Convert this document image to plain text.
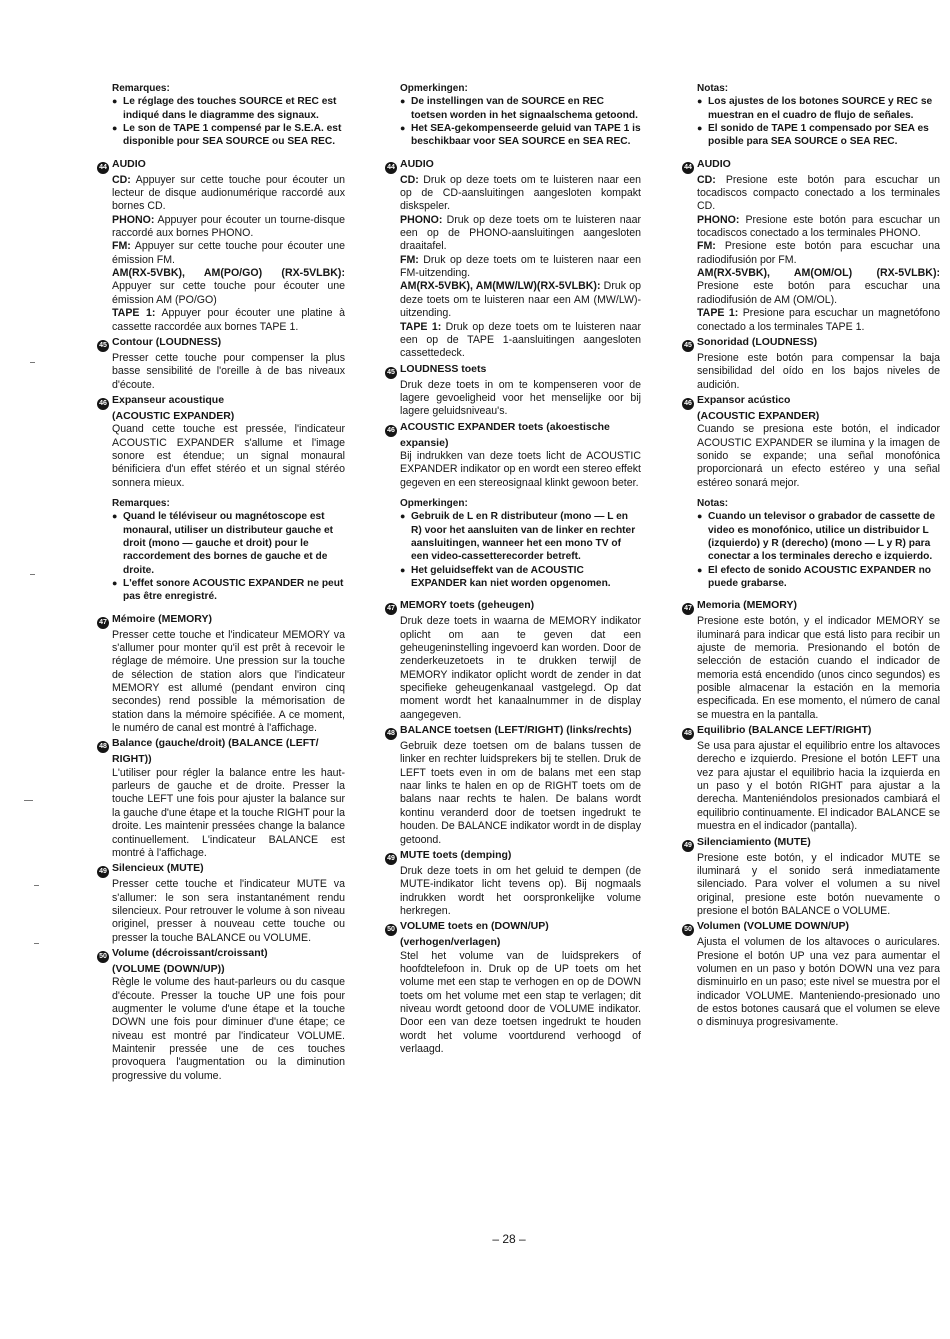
Remarques:
● Le réglage des touches SOURCE et REC est indiqué dans le diagramme des signaux.
● Le son de TAPE 1 compensé par le S.E.A. est disponible pour SEA SOURCE ou SEA REC.
44 AUDIO
CD: Appuyer sur cette touche pour écouter un lecteur de disque audionumérique raccordé aux bornes CD.
PHONO: Appuyer pour écouter un tourne-disque raccordé aux bornes PHONO.
FM: Appuyer sur cette touche pour écouter une émission FM.
AM(RX-5VBK), AM(PO/GO) (RX-5VLBK): Appuyer sur cette touche pour écouter une émission AM (PO/GO)
TAPE 1: Appuyer pour écouter une platine à cassette raccordée aux bornes TAPE 1.
45 Contour (LOUDNESS)
Presser cette touche pour compenser la plus basse sensibilité de l'oreille à de bas niveaux d'écoute.
46 Expanseur acoustique
(ACOUSTIC EXPANDER)
Quand cette touche est pressée, l'indicateur ACOUSTIC EXPANDER s'allume et l'image sonore est étendue; un signal monaural bénificiera d'un effet stéréo et un signal stéréo sonnera mieux.
Remarques:
● Quand le téléviseur ou magnétoscope est monaural, utiliser un distributeur gauche et droit (mono — gauche et droit) pour le raccordement des bornes de gauche et de droite.
● L'effet sonore ACOUSTIC EXPANDER ne peut pas être enregistré.
47 Mémoire (MEMORY)
Presser cette touche et l'indicateur MEMORY va s'allumer pour monter qu'il est prêt à recevoir le réglage de mémoire. Une pression sur la touche de sélection de station alors que l'indicateur MEMORY est allumé (pendant environ cinq secondes) rend possible la mémorisation de station dans la mémoire spécifiée. A ce moment, le numéro de canal est montré à l'affichage.
48 Balance (gauche/droit) (BALANCE (LEFT/ RIGHT))
L'utiliser pour régler la balance entre les haut-parleurs de gauche et de droite. Presser la touche LEFT une fois pour ajuster la balance sur la gauche d'une étape et la touche RIGHT pour la droite. Les maintenir pressées change la balance continuellement. L'indicateur BALANCE est montré à l'affichage.
49 Silencieux (MUTE)
Presser cette touche et l'indicateur MUTE va s'allumer: le son sera instantanément rendu silencieux. Pour retrouver le volume à son niveau originel, presser à nouveau cette touche ou presser la touche BALANCE ou VOLUME.
50 Volume (décroissant/croissant)
(VOLUME (DOWN/UP))
Règle le volume des haut-parleurs ou du casque d'écoute. Presser la touche UP une fois pour augmenter le volume d'une étape et la touche DOWN une fois pour diminuer d'une étape; ce niveau est montré par l'indicateur VOLUME. Maintenir pressée une de ces touches provoquera l'augmentation ou la diminution progressive du volume.
Opmerkingen:
● De instellingen van de SOURCE en REC toetsen worden in het signaalschema getoond.
● Het SEA-gekompenseerde geluid van TAPE 1 is beschikbaar voor SEA SOURCE en SEA REC.
44 AUDIO
CD: Druk op deze toets om te luisteren naar een op de CD-aansluitingen aangesloten kompakt diskspeler.
PHONO: Druk op deze toets om te luisteren naar een op de PHONO-aansluitingen aangesloten draaitafel.
FM: Druk op deze toets om te luisteren naar een FM-uitzending.
AM(RX-5VBK), AM(MW/LW)(RX-5VLBK): Druk op deze toets om te luisteren naar een AM (MW/LW)-uitzending.
TAPE 1: Druk op deze toets om te luisteren naar een op de TAPE 1-aansluitingen aangesloten cassettedeck.
45 LOUDNESS toets
Druk deze toets in om te kompenseren voor de lagere gevoeligheid voor het menselijke oor bij lagere geluidsniveau's.
46 ACOUSTIC EXPANDER toets (akoestische expansie)
Bij indrukken van deze toets licht de ACOUSTIC EXPANDER indikator op en wordt een stereo effekt gegeven en een stereosignaal klinkt gewoon beter.
Opmerkingen:
● Gebruik de L en R distributeur (mono — L en R) voor het aansluiten van de linker en rechter aansluitingen, wanneer het een mono TV of een video-cassetterecorder betreft.
● Het geluidseffekt van de ACOUSTIC EXPANDER kan niet worden opgenomen.
47 MEMORY toets (geheugen)
Druk deze toets in waarna de MEMORY indikator oplicht om aan te geven dat een geheugeninstelling ingevoerd kan worden. Door de zenderkeuzetoets in te drukken terwijl de MEMORY indikator oplicht wordt de zender in dat specifieke geheugenkanaal vastgelegd. Op dat moment wordt het kanaalnummer in de display aangegeven.
48 BALANCE toetsen (LEFT/RIGHT) (links/rechts)
Gebruik deze toetsen om de balans tussen de linker en rechter luidsprekers bij te stellen. Druk de LEFT toets even in om de balans met een stap naar links te halen en op de RIGHT toets om de balans naar rechts te halen. De balans wordt kontinu veranderd door de toetsen ingedrukt te houden. De BALANCE indikator wordt in de display getoond.
49 MUTE toets (demping)
Druk deze toets in om het geluid te dempen (de MUTE-indikator licht tevens op). Bij nogmaals indrukken wordt het oorspronkelijke volume herkregen.
50 VOLUME toets en (DOWN/UP) (verhogen/verlagen)
Stel het volume van de luidsprekers of hoofdtelefoon in. Druk op de UP toets om het volume met een stap te verhogen en op de DOWN toets om het volume met een stap te verlagen; dit niveau wordt getoond door de VOLUME indikator. Door een van deze toetsen ingedrukt te houden wordt het volume voortdurend verhoogd of verlaagd.
Notas:
● Los ajustes de los botones SOURCE y REC se muestran en el cuadro de flujo de señales.
● El sonido de TAPE 1 compensado por SEA es posible para SEA SOURCE o SEA REC.
44 AUDIO
CD: Presione este botón para escuchar un tocadiscos compacto conectado a los terminales CD.
PHONO: Presione este botón para escuchar un tocadiscos conectado a los terminales PHONO.
FM: Presione este botón para escuchar una radiodifusión por FM.
AM(RX-5VBK), AM(OM/OL) (RX-5VLBK): Presione este botón para escuchar una radiodifusión de AM (OM/OL).
TAPE 1: Presione para escuchar un magnetófono conectado a los terminales TAPE 1.
45 Sonoridad (LOUDNESS)
Presione este botón para compensar la baja sensibilidad del oído en los bajos niveles de audición.
46 Expansor acústico
(ACOUSTIC EXPANDER)
Cuando se presiona este botón, el indicador ACOUSTIC EXPANDER se ilumina y la imagen de sonido se expande; una señal monofónica proporcionará un efecto estéreo y una señal estéreo sonará mejor.
Notas:
● Cuando un televisor o grabador de cassette de video es monofónico, utilice un distribuidor L (izquierdo) y R (derecho) (mono — L y R) para conectar a los terminales derecho e izquierdo.
● El efecto de sonido ACOUSTIC EXPANDER no puede grabarse.
47 Memoria (MEMORY)
Presione este botón, y el indicador MEMORY se iluminará para indicar que está listo para recibir un ajuste de memoria. Presionando el botón de selección de estación cuando el indicador de memoria está encendido (unos cinco segundos) es posible almacenar la estación en la memoria especificada. En ese momento, el número de canal se muestra en la pantalla.
48 Equilibrio (BALANCE LEFT/RIGHT)
Se usa para ajustar el equilibrio entre los altavoces derecho e izquierdo. Presione el botón LEFT una vez para ajustar el equilibrio hacia la izquierda en un paso y el botón RIGHT para ajustar a la derecha. Manteniéndolos presionados cambiará el equilibrio continuamente. El indicador BALANCE se muestra en el indicador (pantalla).
49 Silenciamiento (MUTE)
Presione este botón, y el indicador MUTE se iluminará y el sonido será inmediatamente silenciado. Para volver el volumen a su nivel original, presione este botón nuevamente o presione el botón BALANCE o VOLUME.
50 Volumen (VOLUME DOWN/UP)
Ajusta el volumen de los altavoces o auriculares. Presione el botón UP una vez para aumentar el volumen en un paso y botón DOWN una vez para disminuirlo en un paso; este nivel se muestra por el indicador VOLUME. Manteniendo-presionado uno de estos botones causará que el volumen se eleve o disminuya progresivamente.
– 28 –
